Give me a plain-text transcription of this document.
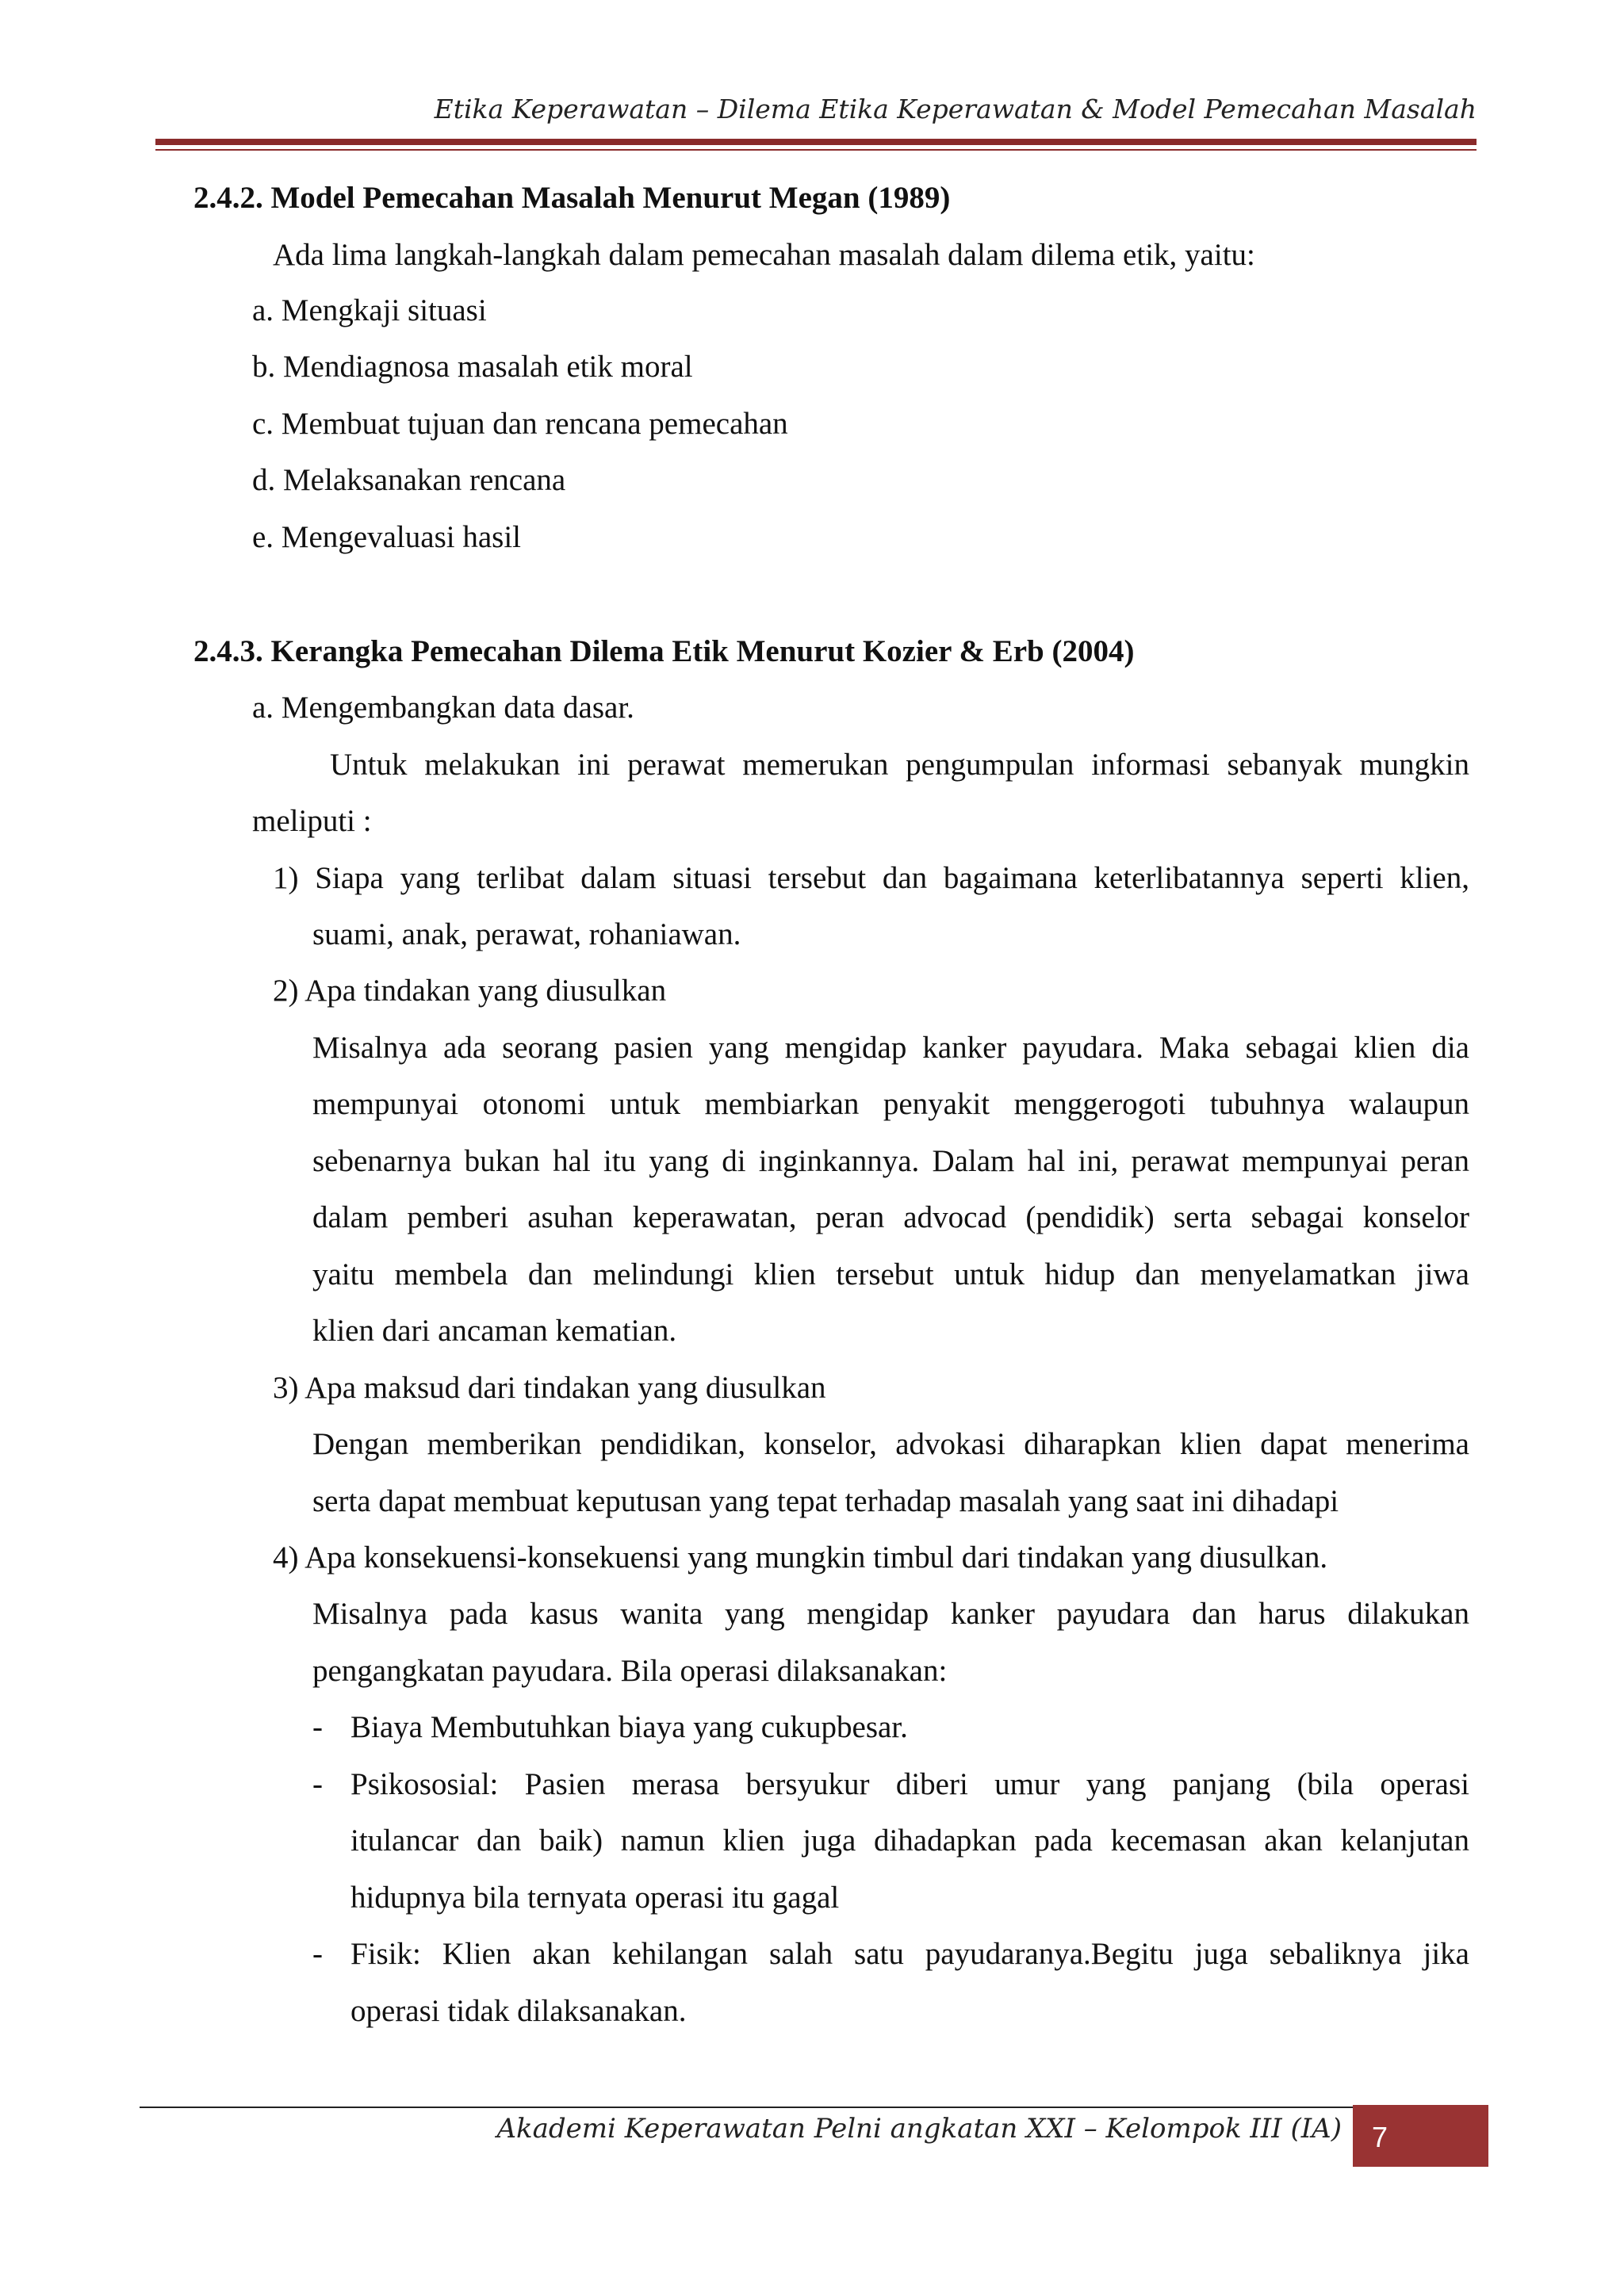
Etika Keperawatan – Dilema Etika Keperawatan & Model Pemecahan Masalah
2.4.2. Model Pemecahan Masalah Menurut Megan (1989)
Ada lima langkah-langkah dalam pemecahan masalah dalam dilema etik, yaitu:
a. Mengkaji situasi
b. Mendiagnosa masalah etik moral
c. Membuat tujuan dan rencana pemecahan
d. Melaksanakan rencana
e. Mengevaluasi hasil
2.4.3. Kerangka Pemecahan Dilema Etik Menurut Kozier & Erb (2004)
a. Mengembangkan data dasar.
Untuk melakukan ini perawat memerukan pengumpulan informasi sebanyak mungkin
meliputi :
1) Siapa yang terlibat dalam situasi tersebut dan bagaimana keterlibatannya seperti klien,
suami, anak, perawat, rohaniawan.
2) Apa tindakan yang diusulkan
Misalnya ada seorang pasien yang mengidap kanker payudara. Maka sebagai klien dia
mempunyai otonomi untuk membiarkan penyakit menggerogoti tubuhnya walaupun
sebenarnya bukan hal itu yang di inginkannya. Dalam hal ini, perawat mempunyai peran
dalam pemberi asuhan keperawatan, peran advocad (pendidik) serta sebagai konselor
yaitu membela dan melindungi klien tersebut untuk hidup dan menyelamatkan jiwa
klien dari ancaman kematian.
3) Apa maksud dari tindakan yang diusulkan
Dengan memberikan pendidikan, konselor, advokasi diharapkan klien dapat menerima
serta dapat membuat keputusan yang tepat terhadap masalah yang saat ini dihadapi
4) Apa konsekuensi-konsekuensi yang mungkin timbul dari tindakan yang diusulkan.
Misalnya pada kasus wanita yang mengidap kanker payudara dan harus dilakukan
pengangkatan payudara. Bila operasi dilaksanakan:
- Biaya Membutuhkan biaya yang cukupbesar.
- Psikososial: Pasien merasa bersyukur diberi umur yang panjang (bila operasi
itulancar dan baik) namun klien juga dihadapkan pada kecemasan akan kelanjutan
hidupnya bila ternyata operasi itu gagal
- Fisik: Klien akan kehilangan salah satu payudaranya.Begitu juga sebaliknya jika
operasi tidak dilaksanakan.
Akademi Keperawatan Pelni angkatan XXI – Kelompok III (IA) 7
